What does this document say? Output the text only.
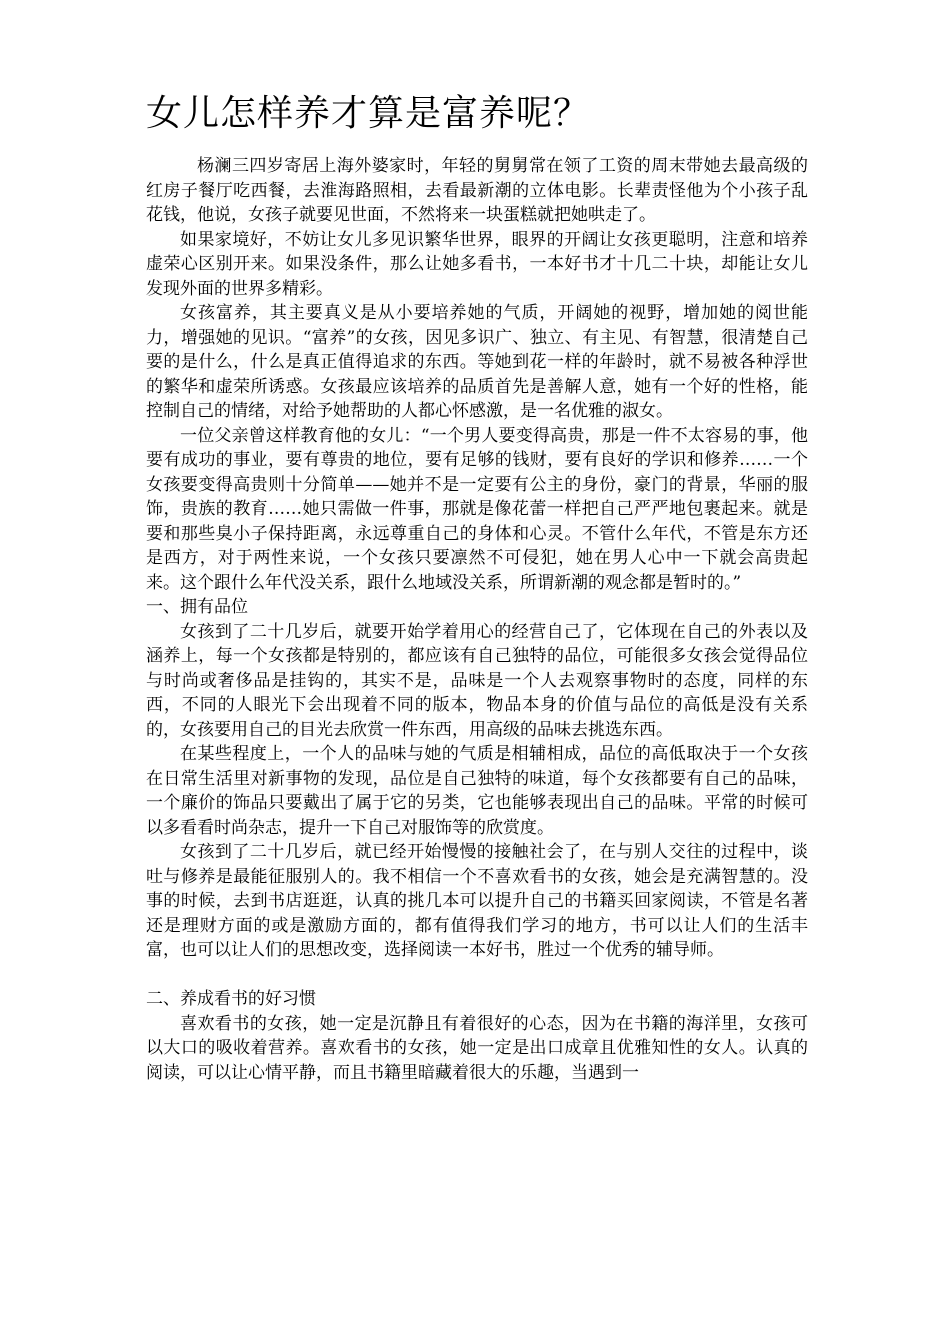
女儿怎样养才算是富养呢？

杨澜三四岁寄居上海外婆家时，年轻的舅舅常在领了工资的周末带她去最高级的红房子餐厅吃西餐，去淮海路照相，去看最新潮的立体电影。长辈责怪他为个小孩子乱花钱，他说，女孩子就要见世面，不然将来一块蛋糕就把她哄走了。

如果家境好，不妨让女儿多见识繁华世界，眼界的开阔让女孩更聪明，注意和培养虚荣心区别开来。如果没条件，那么让她多看书，一本好书才十几二十块，却能让女儿发现外面的世界多精彩。

女孩富养，其主要真义是从小要培养她的气质，开阔她的视野，增加她的阅世能力，增强她的见识。“富养”的女孩，因见多识广、独立、有主见、有智慧，很清楚自己要的是什么，什么是真正值得追求的东西。等她到花一样的年龄时，就不易被各种浮世的繁华和虚荣所诱惑。女孩最应该培养的品质首先是善解人意，她有一个好的性格，能控制自己的情绪，对给予她帮助的人都心怀感激，是一名优雅的淑女。

一位父亲曾这样教育他的女儿：“一个男人要变得高贵，那是一件不太容易的事，他要有成功的事业，要有尊贵的地位，要有足够的钱财，要有良好的学识和修养……一个女孩要变得高贵则十分简单——她并不是一定要有公主的身份，豪门的背景，华丽的服饰，贵族的教育……她只需做一件事，那就是像花蕾一样把自己严严地包裹起来。就是要和那些臭小子保持距离，永远尊重自己的身体和心灵。不管什么年代，不管是东方还是西方，对于两性来说，一个女孩只要凛然不可侵犯，她在男人心中一下就会高贵起来。这个跟什么年代没关系，跟什么地域没关系，所谓新潮的观念都是暂时的。”

一、拥有品位

女孩到了二十几岁后，就要开始学着用心的经营自己了，它体现在自己的外表以及涵养上，每一个女孩都是特别的，都应该有自己独特的品位，可能很多女孩会觉得品位与时尚或奢侈品是挂钩的，其实不是，品味是一个人去观察事物时的态度，同样的东西，不同的人眼光下会出现着不同的版本，物品本身的价值与品位的高低是没有关系的，女孩要用自己的目光去欣赏一件东西，用高级的品味去挑选东西。

在某些程度上，一个人的品味与她的气质是相辅相成，品位的高低取决于一个女孩在日常生活里对新事物的发现，品位是自己独特的味道，每个女孩都要有自己的品味，一个廉价的饰品只要戴出了属于它的另类，它也能够表现出自己的品味。平常的时候可以多看看时尚杂志，提升一下自己对服饰等的欣赏度。

女孩到了二十几岁后，就已经开始慢慢的接触社会了，在与别人交往的过程中，谈吐与修养是最能征服别人的。我不相信一个不喜欢看书的女孩，她会是充满智慧的。没事的时候，去到书店逛逛，认真的挑几本可以提升自己的书籍买回家阅读，不管是名著还是理财方面的或是激励方面的，都有值得我们学习的地方，书可以让人们的生活丰富，也可以让人们的思想改变，选择阅读一本好书，胜过一个优秀的辅导师。

二、养成看书的好习惯

喜欢看书的女孩，她一定是沉静且有着很好的心态，因为在书籍的海洋里，女孩可以大口的吸收着营养。喜欢看书的女孩，她一定是出口成章且优雅知性的女人。认真的阅读，可以让心情平静，而且书籍里暗藏着很大的乐趣，当遇到一
